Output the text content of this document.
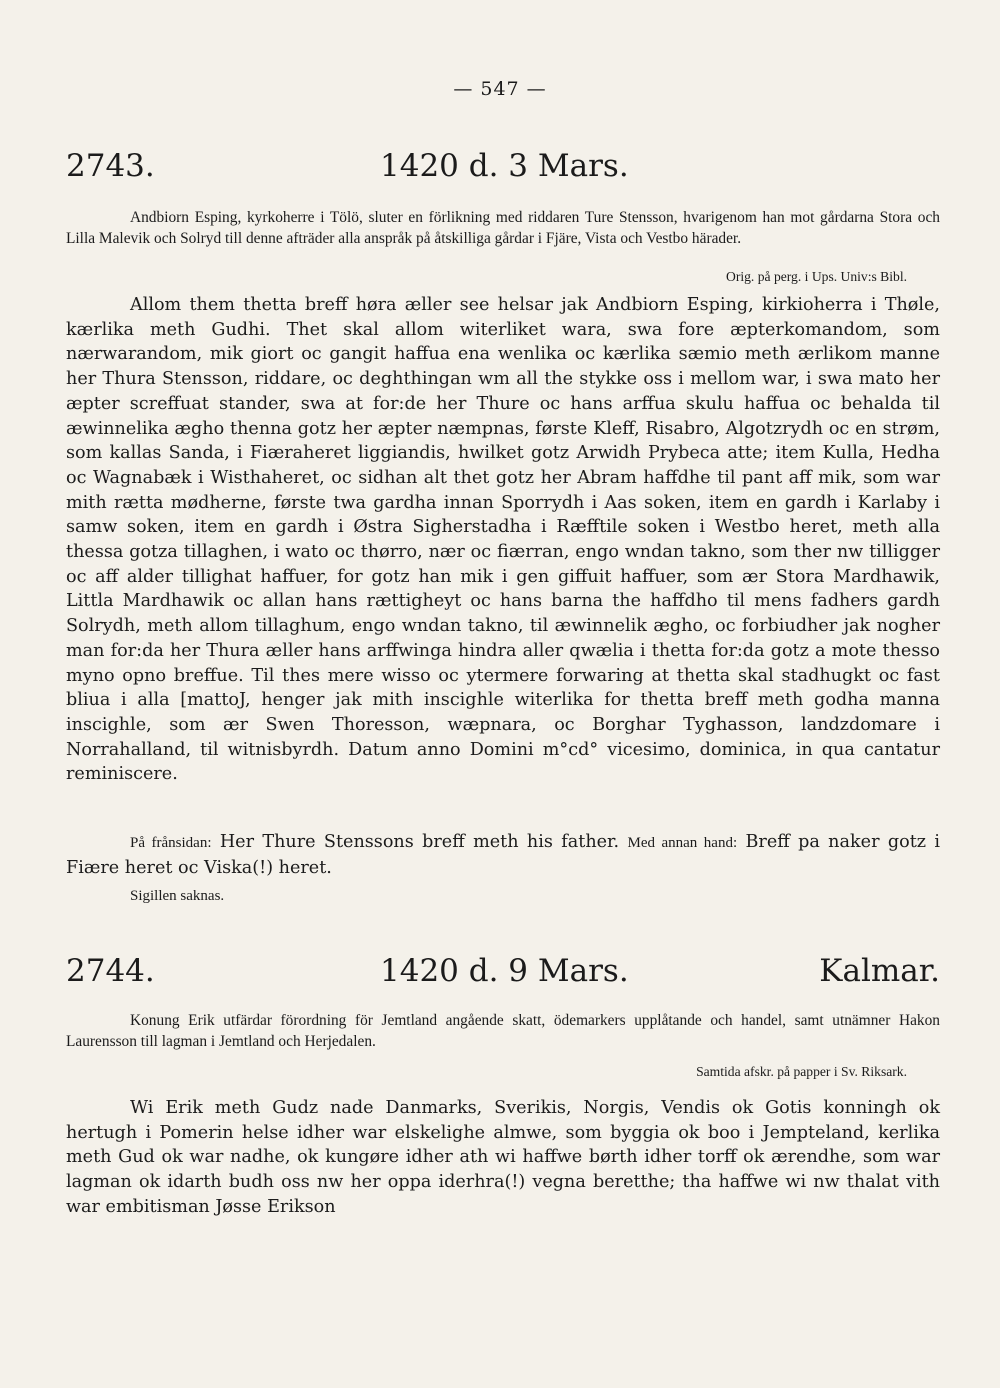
— 547 —
2743.	1420 d. 3 Mars.
Andbiorn Esping, kyrkoherre i Tölö, sluter en förlikning med riddaren Ture Stensson, hvarigenom han mot gårdarna Stora och Lilla Malevik och Solryd till denne afträder alla anspråk på åtskilliga gårdar i Fjäre, Vista och Vestbo härader.
Orig. på perg. i Ups. Univ:s Bibl.
Allom them thetta breff høra æller see helsar jak Andbiorn Esping, kirkioherra i Thøle, kærlika meth Gudhi. Thet skal allom witerliket wara, swa fore æpterkomandom, som nærwarandom, mik giort oc gangit haffua ena wenlika oc kærlika sæmio meth ærlikom manne her Thura Stensson, riddare, oc deghthingan wm all the stykke oss i mellom war, i swa mato her æpter screffuat stander, swa at for:de her Thure oc hans arffua skulu haffua oc behalda til æwinnelika ægho thenna gotz her æpter næmpnas, første Kleff, Risabro, Algotzrydh oc en strøm, som kallas Sanda, i Fiæraheret liggiandis, hwilket gotz Arwidh Prybeca atte; item Kulla, Hedha oc Wagnabæk i Wisthaheret, oc sidhan alt thet gotz her Abram haffdhe til pant aff mik, som war mith rætta mødherne, første twa gardha innan Sporrydh i Aas soken, item en gardh i Karlaby i samw soken, item en gardh i Østra Sigherstadha i Ræfftile soken i Westbo heret, meth alla thessa gotza tillaghen, i wato oc thørro, nær oc fiærran, engo wndan takno, som ther nw tilligger oc aff alder tillighat haffuer, for gotz han mik i gen giffuit haffuer, som ær Stora Mardhawik, Littla Mardhawik oc allan hans rættigheyt oc hans barna the haffdho til mens fadhers gardh Solrydh, meth allom tillaghum, engo wndan takno, til æwinnelik ægho, oc forbiudher jak nogher man for:da her Thura æller hans arffwinga hindra aller qwælia i thetta for:da gotz a mote thesso myno opno breffue. Til thes mere wisso oc ytermere forwaring at thetta skal stadhugkt oc fast bliua i alla [mattoJ, henger jak mith inscighle witerlika for thetta breff meth godha manna inscighle, som ær Swen Thoresson, wæpnara, oc Borghar Tyghasson, landzdomare i Norrahalland, til witnisbyrdh. Datum anno Domini m°cd° vicesimo, dominica, in qua cantatur reminiscere.
På frånsidan: Her Thure Stenssons breff meth his father. Med annan hand: Breff pa naker gotz i Fiære heret oc Viska(!) heret.
Sigillen saknas.
2744.	1420 d. 9 Mars.	Kalmar.
Konung Erik utfärdar förordning för Jemtland angående skatt, ödemarkers upplåtande och handel, samt utnämner Hakon Laurensson till lagman i Jemtland och Herjedalen.
Samtida afskr. på papper i Sv. Riksark.
Wi Erik meth Gudz nade Danmarks, Sverikis, Norgis, Vendis ok Gotis konningh ok hertugh i Pomerin helse idher war elskelighe almwe, som byggia ok boo i Jempteland, kerlika meth Gud ok war nadhe, ok kungøre idher ath wi haffwe børth idher torff ok ærendhe, som war lagman ok idarth budh oss nw her oppa iderhra(!) vegna beretthe; tha haffwe wi nw thalat vith war embitisman Jøsse Erikson
